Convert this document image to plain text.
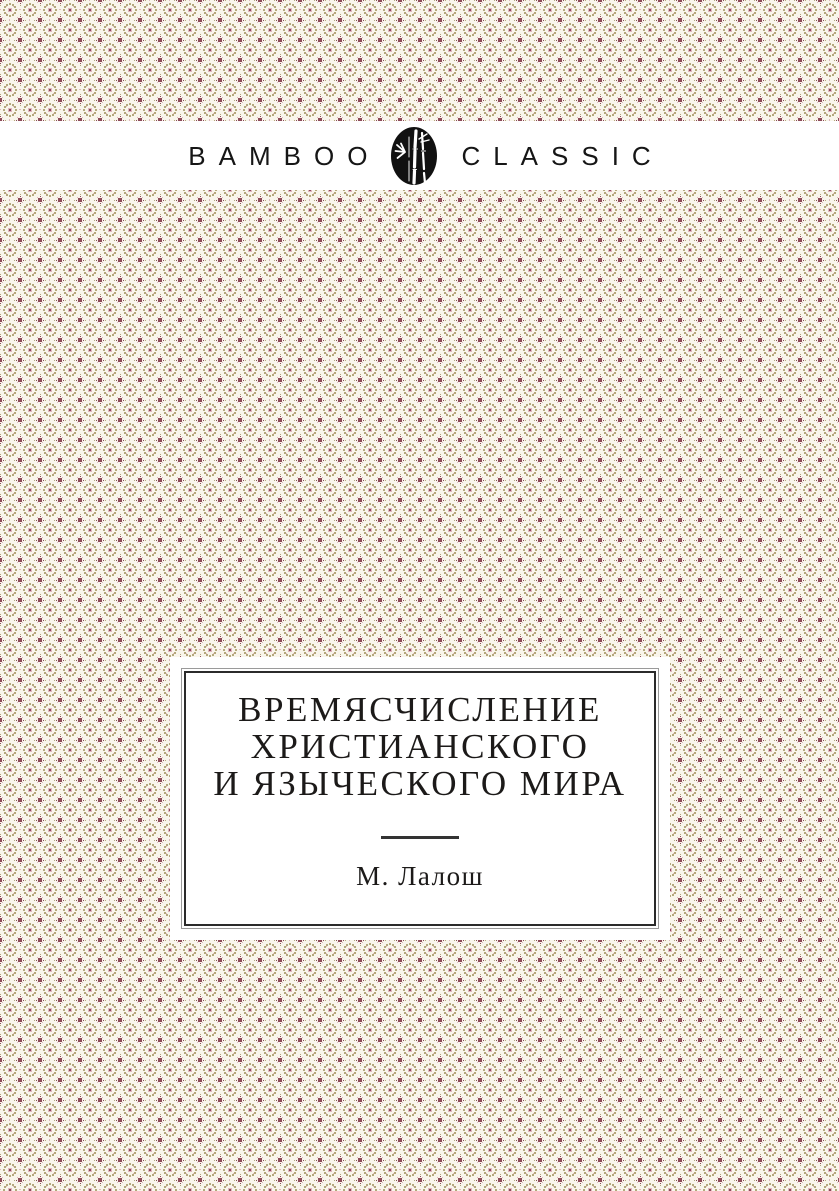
BAMBOO	CLASSIC
ВРЕМЯСЧИСЛЕНИЕ
ХРИСТИАНСКОГО
И ЯЗЫЧЕСКОГО МИРА
М. Лалош
